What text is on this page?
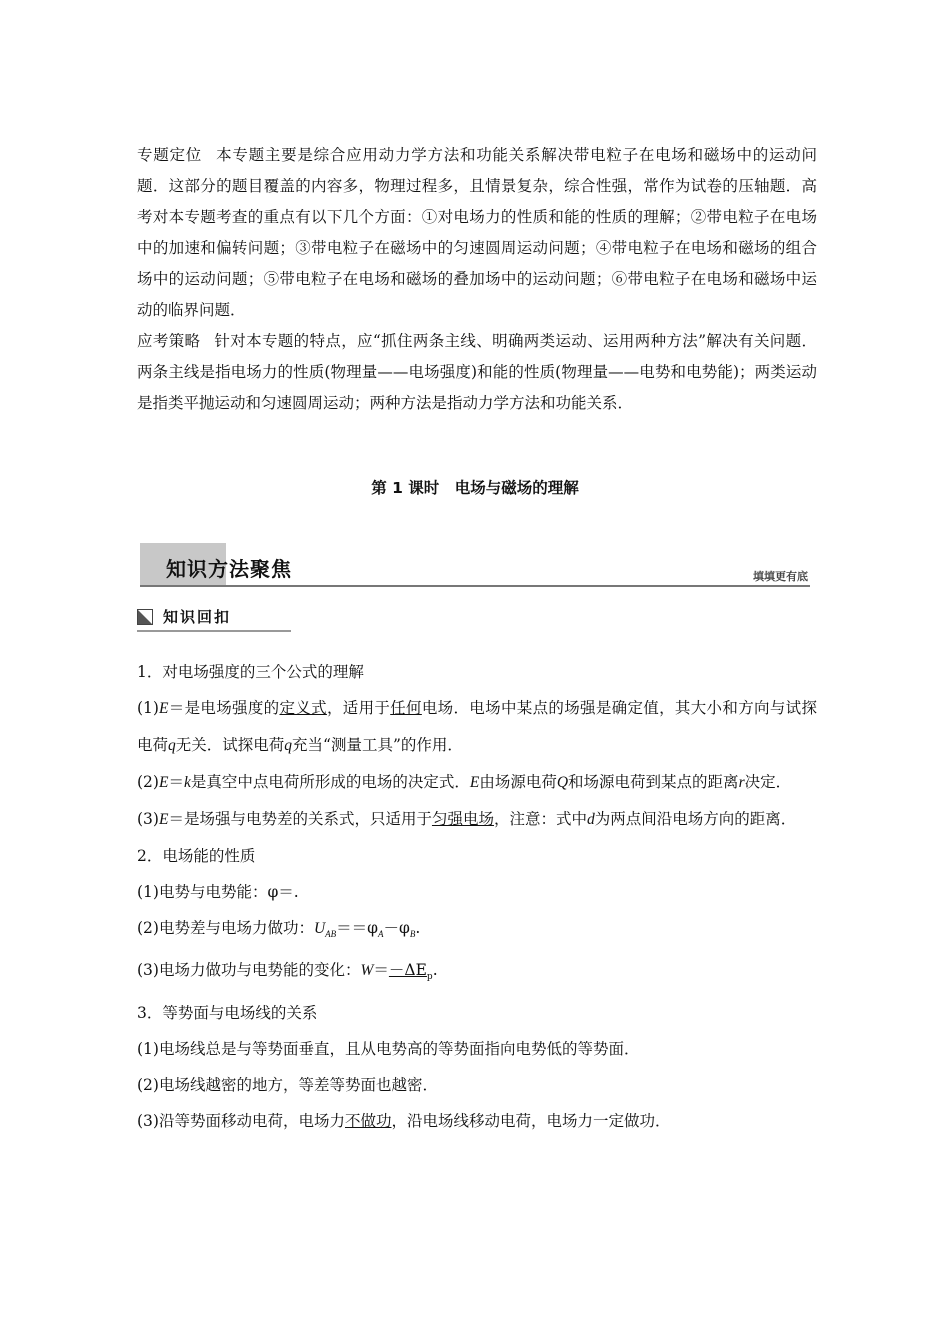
专题定位 本专题主要是综合应用动力学方法和功能关系解决带电粒子在电场和磁场中的运动问题．这部分的题目覆盖的内容多，物理过程多，且情景复杂，综合性强，常作为试卷的压轴题．高考对本专题考查的重点有以下几个方面：①对电场力的性质和能的性质的理解；②带电粒子在电场中的加速和偏转问题；③带电粒子在磁场中的匀速圆周运动问题；④带电粒子在电场和磁场的组合场中的运动问题；⑤带电粒子在电场和磁场的叠加场中的运动问题；⑥带电粒子在电场和磁场中运动的临界问题．

应考策略 针对本专题的特点，应“抓住两条主线、明确两类运动、运用两种方法”解决有关问题．两条主线是指电场力的性质(物理量——电场强度)和能的性质(物理量——电势和电势能)；两类运动是指类平抛运动和匀速圆周运动；两种方法是指动力学方法和功能关系．

第 1 课时　电场与磁场的理解
知识方法聚焦	填填更有底
知识回扣

1．对电场强度的三个公式的理解

(1)E＝是电场强度的定义式，适用于任何电场．电场中某点的场强是确定值，其大小和方向与试探电荷q无关．试探电荷q充当“测量工具”的作用．

(2)E＝k是真空中点电荷所形成的电场的决定式．E由场源电荷Q和场源电荷到某点的距离r决定．

(3)E＝是场强与电势差的关系式，只适用于匀强电场，注意：式中d为两点间沿电场方向的距离．

2．电场能的性质

(1)电势与电势能：φ＝.

(2)电势差与电场力做功：$U_{AB}==\varphi_A-\varphi_B$.

(3)电场力做功与电势能的变化：$W=-\Delta E_p$.

3．等势面与电场线的关系

(1)电场线总是与等势面垂直，且从电势高的等势面指向电势低的等势面．

(2)电场线越密的地方，等差等势面也越密．

(3)沿等势面移动电荷，电场力不做功，沿电场线移动电荷，电场力一定做功．
